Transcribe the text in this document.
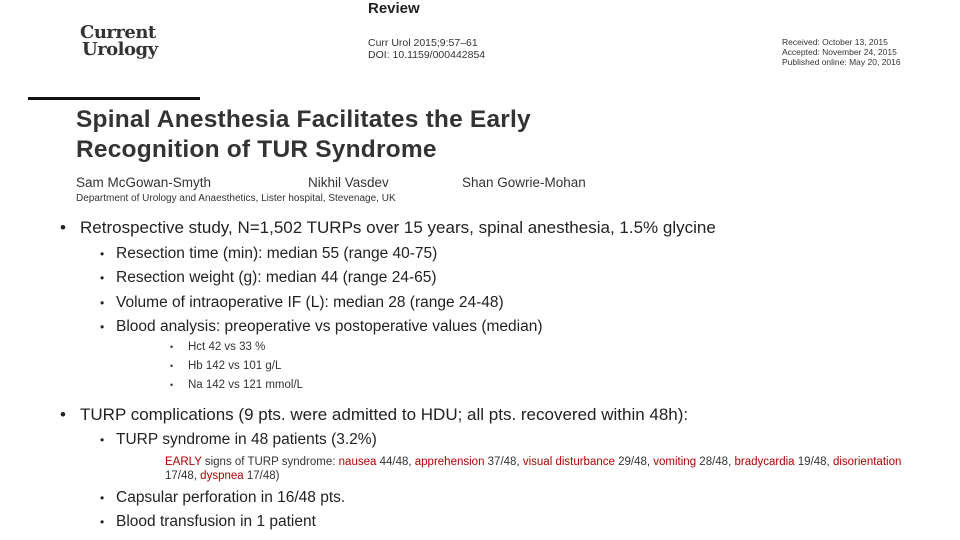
Current
Urology
Review
Curr Urol 2015;9:57–61
DOI: 10.1159/000442854
Received: October 13, 2015
Accepted: November 24, 2015
Published online: May 20, 2016
Spinal Anesthesia Facilitates the Early
Recognition of TUR Syndrome
Sam McGowan-Smyth	Nikhil Vasdev	Shan Gowrie-Mohan
Department of Urology and Anaesthetics, Lister hospital, Stevenage, UK
• Retrospective study, N=1,502 TURPs over 15 years, spinal anesthesia, 1.5% glycine
• Resection time (min): median 55 (range 40-75)
• Resection weight (g): median 44 (range 24-65)
• Volume of intraoperative IF (L): median 28 (range 24-48)
• Blood analysis: preoperative vs postoperative values (median)
• Hct 42 vs 33 %
• Hb 142 vs 101 g/L
• Na 142 vs 121 mmol/L
• TURP complications (9 pts. were admitted to HDU; all pts. recovered within 48h):
• TURP syndrome in 48 patients (3.2%)
EARLY signs of TURP syndrome: nausea 44/48, apprehension 37/48, visual disturbance 29/48, vomiting 28/48, bradycardia 19/48, disorientation 17/48, dyspnea 17/48)
• Capsular perforation in 16/48 pts.
• Blood transfusion in 1 patient
